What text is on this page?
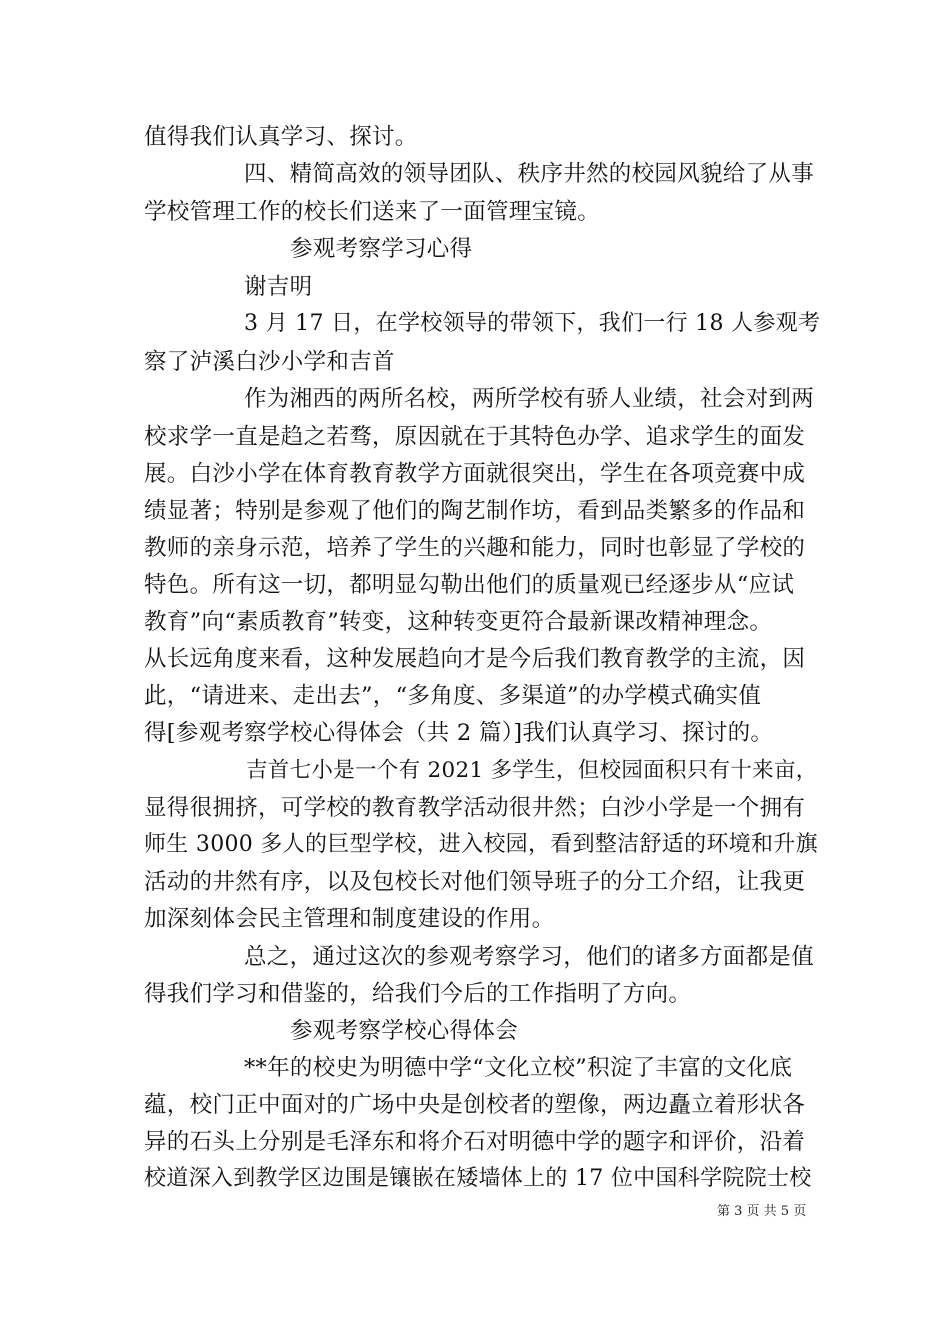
值得我们认真学习、探讨。
四、精简高效的领导团队、秩序井然的校园风貌给了从事
学校管理工作的校长们送来了一面管理宝镜。
参观考察学习心得
谢吉明
3 月 17 日，在学校领导的带领下，我们一行 18 人参观考
察了泸溪白沙小学和吉首
作为湘西的两所名校，两所学校有骄人业绩，社会对到两
校求学一直是趋之若骛，原因就在于其特色办学、追求学生的面发
展。白沙小学在体育教育教学方面就很突出，学生在各项竞赛中成
绩显著；特别是参观了他们的陶艺制作坊，看到品类繁多的作品和
教师的亲身示范，培养了学生的兴趣和能力，同时也彰显了学校的
特色。所有这一切，都明显勾勒出他们的质量观已经逐步从“应试
教育”向“素质教育”转变，这种转变更符合最新课改精神理念。
从长远角度来看，这种发展趋向才是今后我们教育教学的主流，因
此，“请进来、走出去”，“多角度、多渠道”的办学模式确实值
得[参观考察学校心得体会（共 2 篇）]我们认真学习、探讨的。
吉首七小是一个有 2021 多学生，但校园面积只有十来亩，
显得很拥挤，可学校的教育教学活动很井然；白沙小学是一个拥有
师生 3000 多人的巨型学校，进入校园，看到整洁舒适的环境和升旗
活动的井然有序，以及包校长对他们领导班子的分工介绍，让我更
加深刻体会民主管理和制度建设的作用。
总之，通过这次的参观考察学习，他们的诸多方面都是值
得我们学习和借鉴的，给我们今后的工作指明了方向。
参观考察学校心得体会
**年的校史为明德中学“文化立校”积淀了丰富的文化底
蕴，校门正中面对的广场中央是创校者的塑像，两边矗立着形状各
异的石头上分别是毛泽东和将介石对明德中学的题字和评价，沿着
校道深入到教学区边围是镶嵌在矮墙体上的 17 位中国科学院院士校
第 3 页 共 5 页
